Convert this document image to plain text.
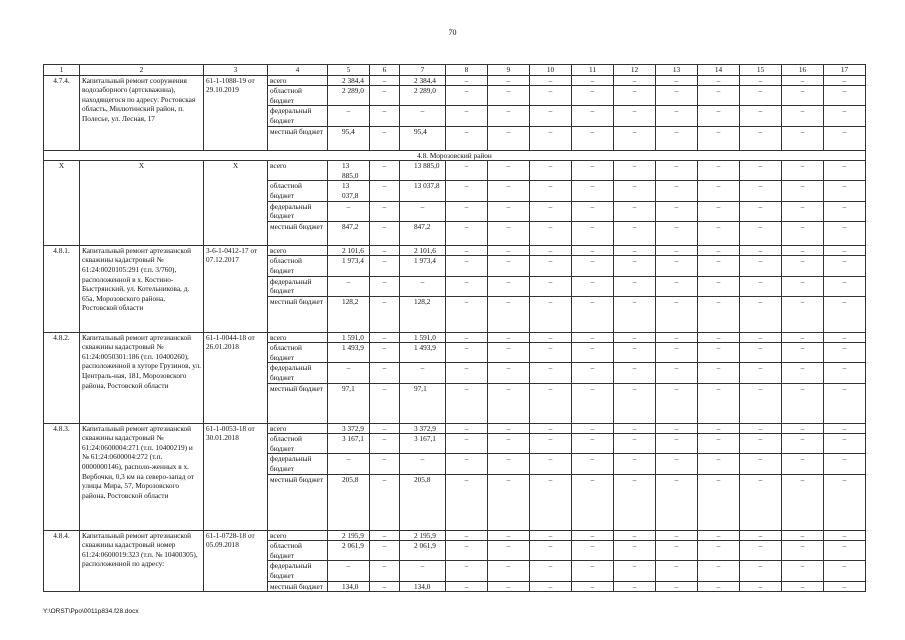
70
1	2	3	4	5	6	7	8	9	10	11	12	13	14	15	16	17
4.7.4.	Капитальный ремонт сооружения водозаборного (артскважина), находящегося по адресу: Ростовская область, Милютинский район, п. Полесье, ул. Лесная, 17	61-1-1088-19 от 29.10.2019	всего	2 384,4	–	2 384,4	–	–	–	–	–	–	–	–	–	–
			областной бюджет	2 289,0	–	2 289,0	–	–	–	–	–	–	–	–	–	–
			федеральный бюджет	–	–	–	–	–	–	–	–	–	–	–	–	–
			местный бюджет	95,4	–	95,4	–	–	–	–	–	–	–	–	–	–
4.8. Морозовский район																
X	X	X	всего	13 885,0	–	13 885,0	–	–	–	–	–	–	–	–	–	–
			областной бюджет	13 037,8	–	13 037,8	–	–	–	–	–	–	–	–	–	–
			федеральный бюджет	–	–	–	–	–	–	–	–	–	–	–	–	–
			местный бюджет	847,2	–	847,2	–	–	–	–	–	–	–	–	–	–
4.8.1.	Капитальный ремонт артезианской скважины кадастровый № 61:24:0020105:291 (т.п. 3/760), расположенной в х. Костино-Быстрянский, ул. Котельникова, д. 65а, Морозовского района, Ростовской области	3-6-1-0412-17 от 07.12.2017	всего	2 101,6	–	2 101,6	–	–	–	–	–	–	–	–	–	–
			областной бюджет	1 973,4	–	1 973,4	–	–	–	–	–	–	–	–	–	–
			федеральный бюджет	–	–	–	–	–	–	–	–	–	–	–	–	–
			местный бюджет	128,2	–	128,2	–	–	–	–	–	–	–	–	–	–
4.8.2.	Капитальный ремонт артезианской скважины кадастровый № 61:24:0050301:186 (т.п. 10400260), расположенной в хуторе Грузинов, ул. Централь-ная, 181, Морозовского района, Ростовской области	61-1-0044-18 от 26.01.2018	всего	1 591,0	–	1 591,0	–	–	–	–	–	–	–	–	–	–
			областной бюджет	1 493,9	–	1 493,9	–	–	–	–	–	–	–	–	–	–
			федеральный бюджет	–	–	–	–	–	–	–	–	–	–	–	–	–
			местный бюджет	97,1	–	97,1	–	–	–	–	–	–	–	–	–	–
4.8.3.	Капитальный ремонт артезианской скважины кадастровый № 61:24:0600004:271 (т.п. 10400219) и № 61:24:0600004:272 (т.п. 0000000146), располо-женных в х. Вербочки, 0,3 км на северо-запад от улицы Мира, 57, Морозовского района, Ростовской области	61-1-0053-18 от 30.01.2018	всего	3 372,9	–	3 372,9	–	–	–	–	–	–	–	–	–	–
			областной бюджет	3 167,1	–	3 167,1	–	–	–	–	–	–	–	–	–	–
			федеральный бюджет	–	–	–	–	–	–	–	–	–	–	–	–	–
			местный бюджет	205,8	–	205,8	–	–	–	–	–	–	–	–	–	–
4.8.4.	Капитальный ремонт артезианской скважины кадастровый номер 61:24:0600019:323 (т.п. № 10400305), расположенной по адресу:	61-1-0728-18 от 05.09.2018	всего	2 195,9	–	2 195,9	–	–	–	–	–	–	–	–	–	–
			областной бюджет	2 061,9	–	2 061,9	–	–	–	–	–	–	–	–	–	–
			федеральный бюджет	–	–	–	–	–	–	–	–	–	–	–	–	–
			местный бюджет	134,0	–	134,0	–	–	–	–	–	–	–	–	–	–
Y:\ORST\Ppo\0011p834.f28.docx
